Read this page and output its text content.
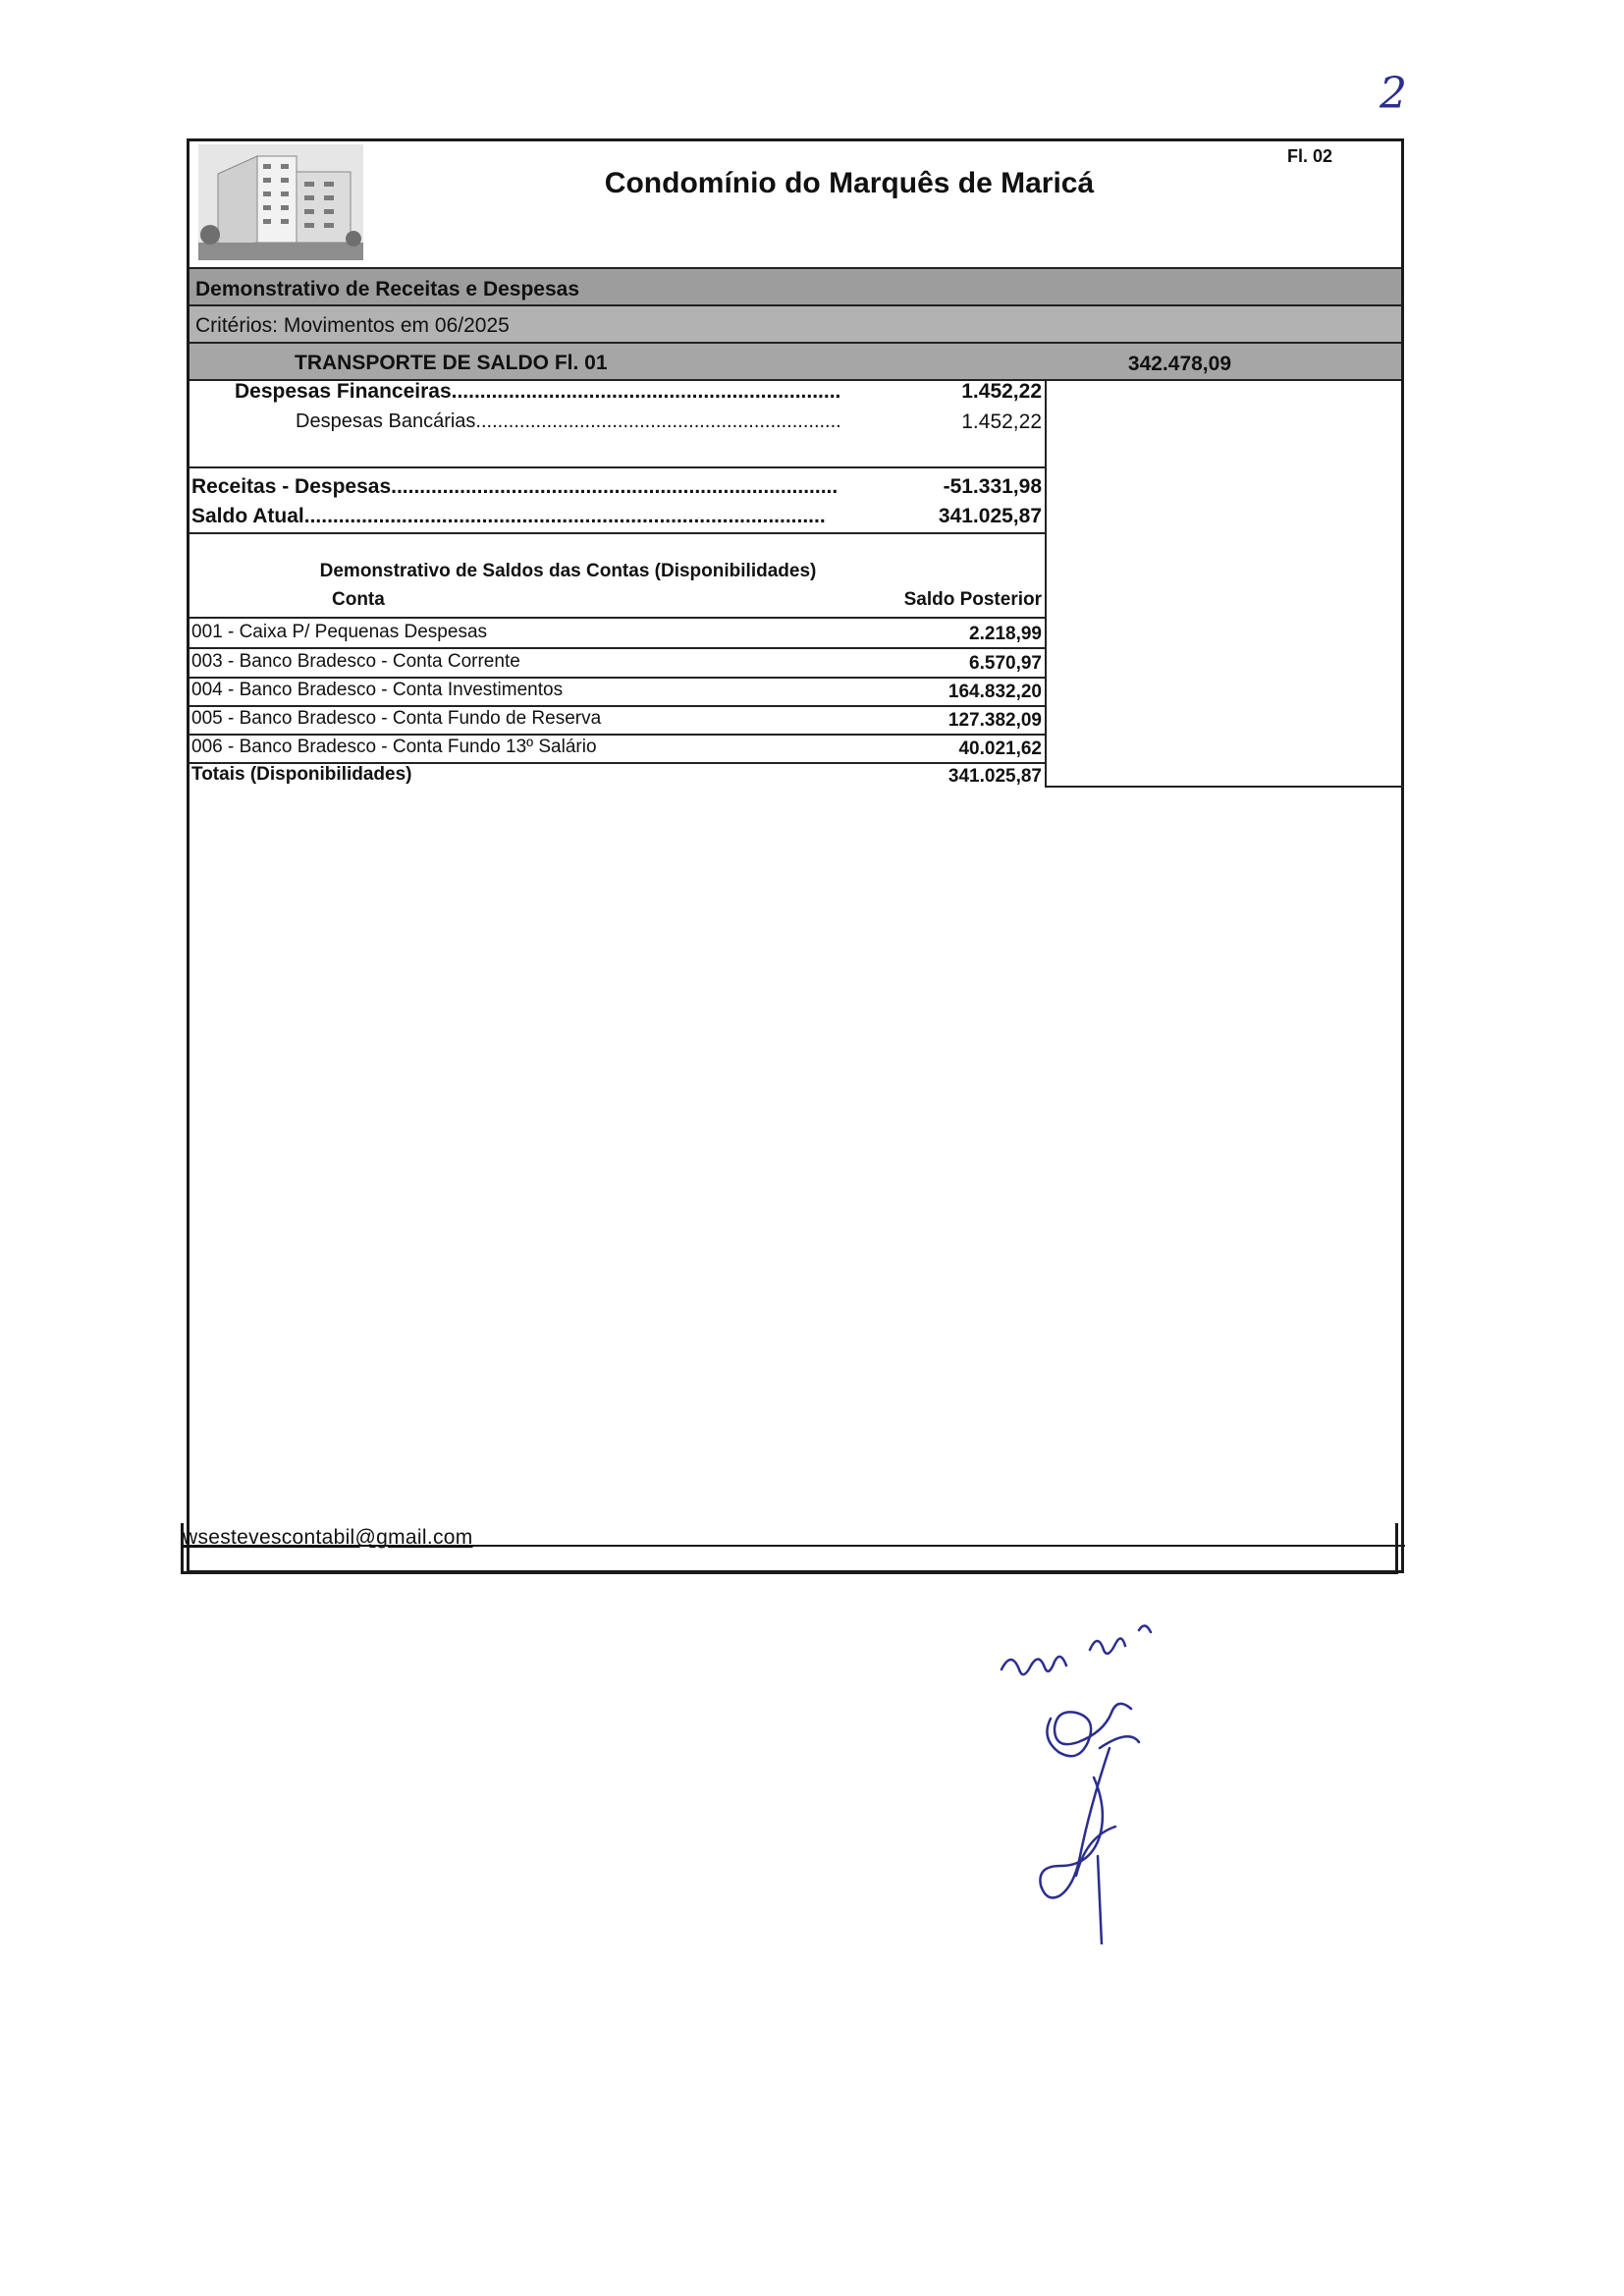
2
Condomínio do Marquês de Maricá
Fl. 02
Demonstrativo de Receitas e Despesas
Critérios: Movimentos em 06/2025
TRANSPORTE DE SALDO Fl. 01	342.478,09
Despesas Financeiras....................................................................	1.452,22
Despesas Bancárias...................................................................	1.452,22
Receitas - Despesas..............................................................................	-51.331,98
Saldo Atual...........................................................................................	341.025,87
Demonstrativo de Saldos das Contas (Disponibilidades)
Conta	Saldo Posterior
001 - Caixa P/ Pequenas Despesas	2.218,99
003 - Banco Bradesco - Conta Corrente	6.570,97
004 - Banco Bradesco - Conta Investimentos	164.832,20
005 - Banco Bradesco - Conta Fundo de Reserva	127.382,09
006 - Banco Bradesco - Conta Fundo 13º Salário	40.021,62
Totais (Disponibilidades)	341.025,87
wsestevescontabil@gmail.com
